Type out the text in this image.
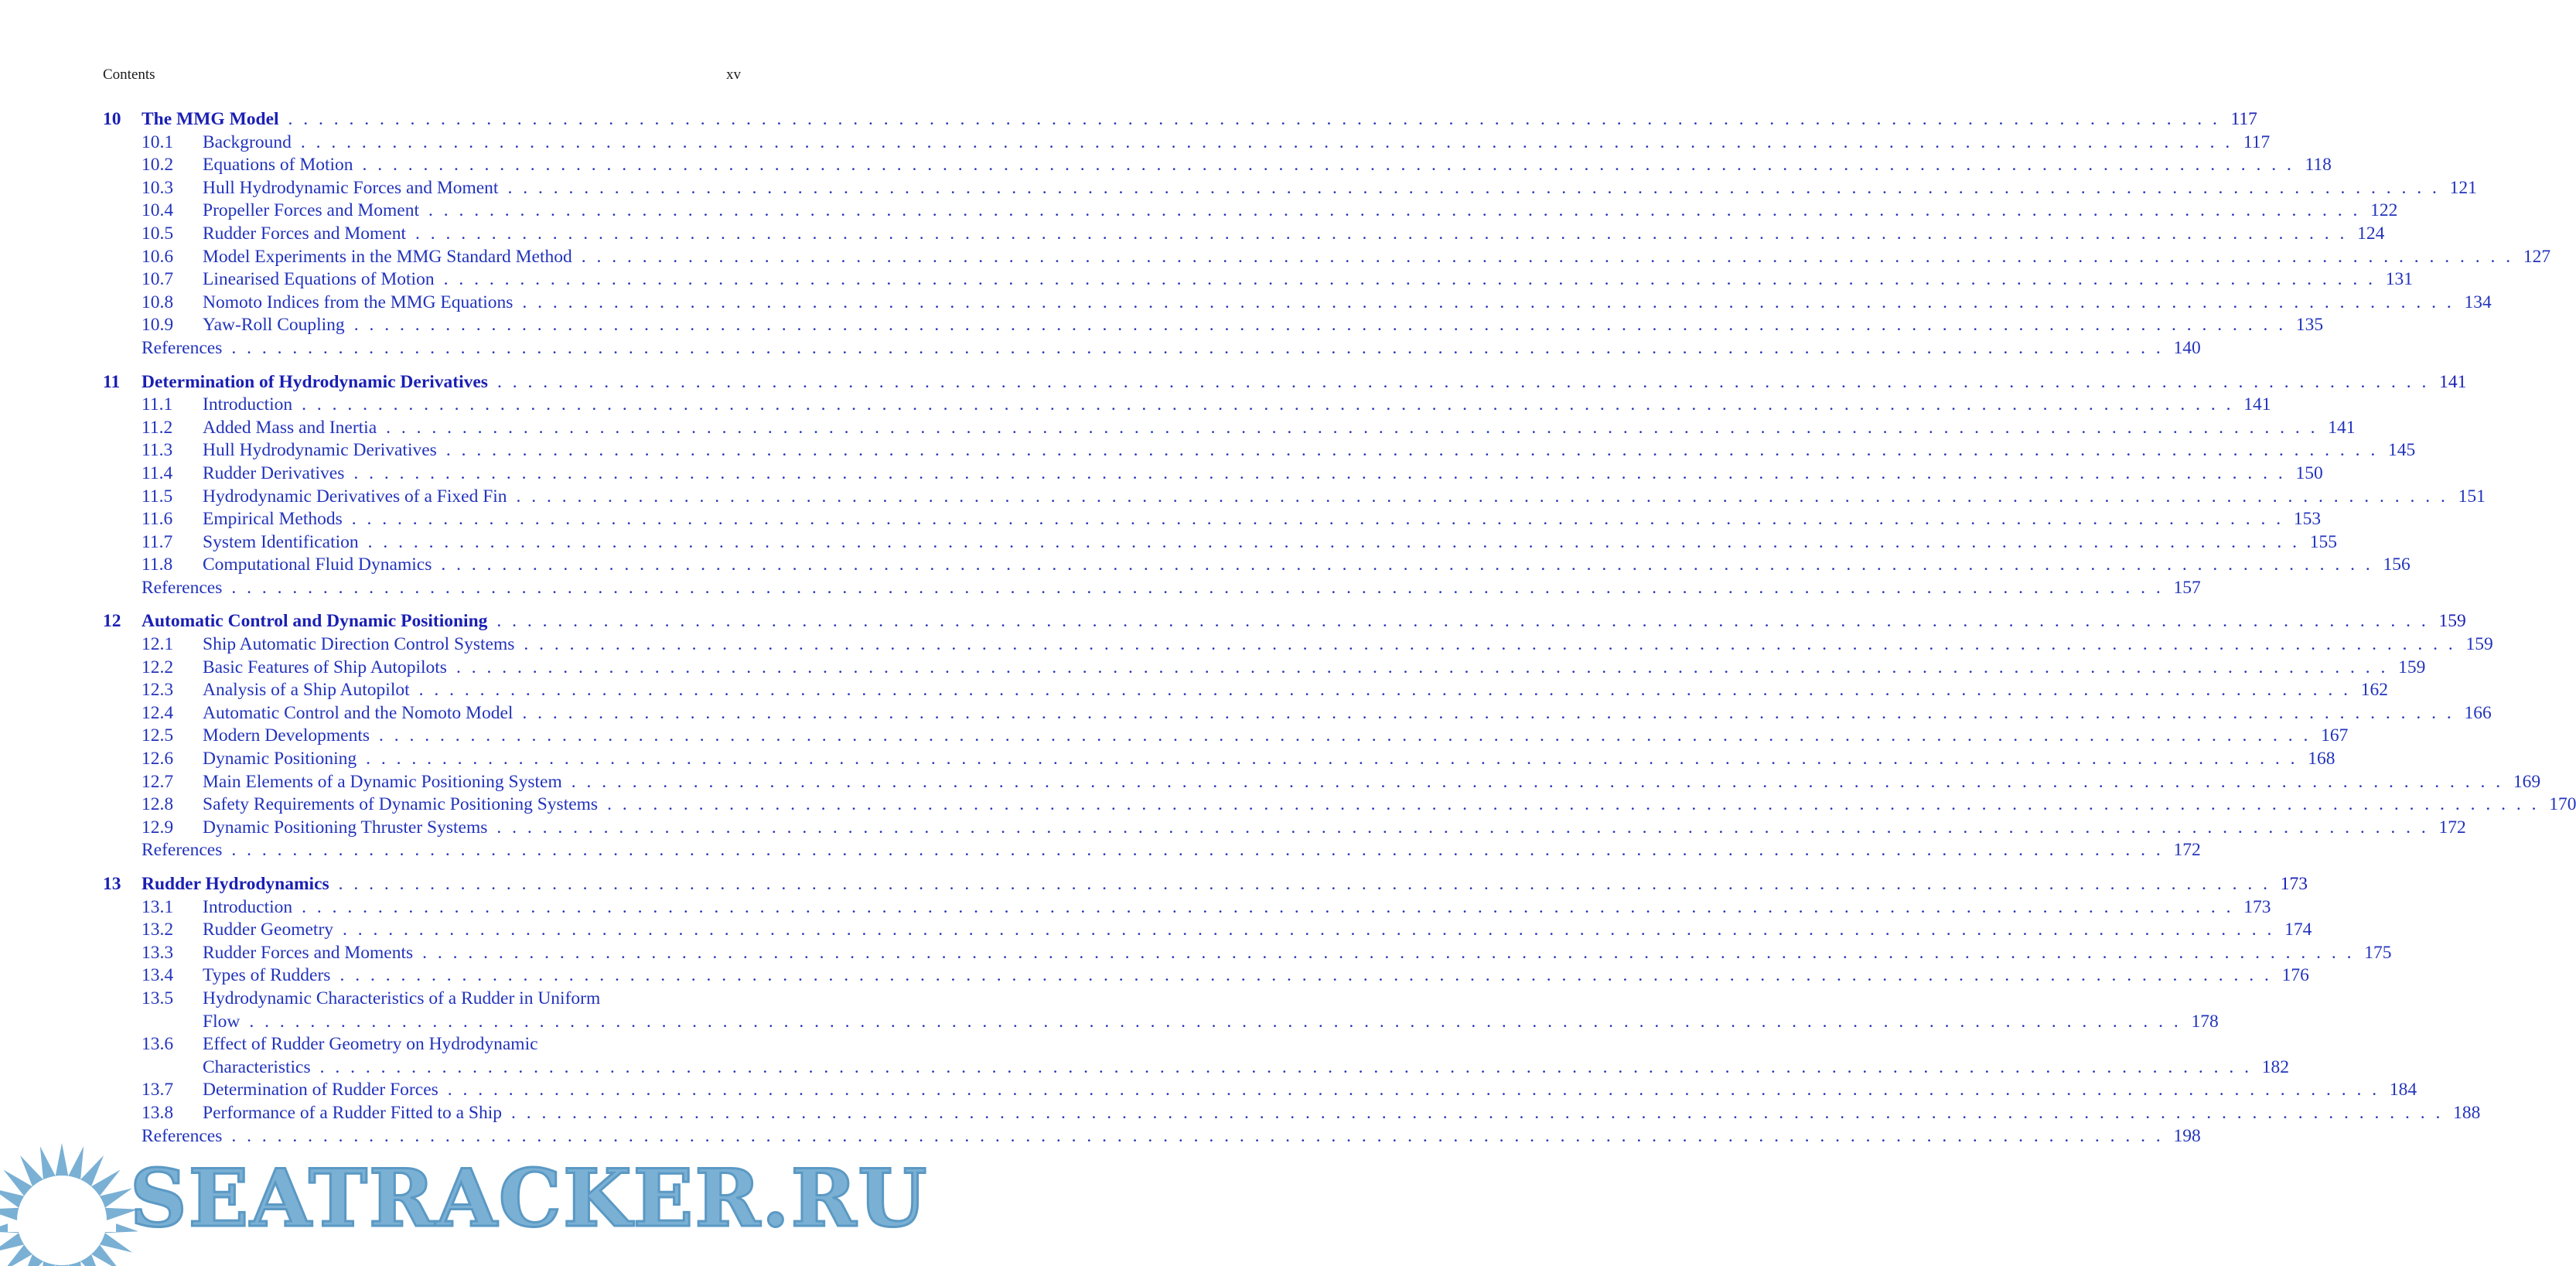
Contents	xv
10	The MMG Model . . .	117
10.1	Background . . .	117
10.2	Equations of Motion . . .	118
10.3	Hull Hydrodynamic Forces and Moment . . .	121
10.4	Propeller Forces and Moment . . .	122
10.5	Rudder Forces and Moment . . .	124
10.6	Model Experiments in the MMG Standard Method . . .	127
10.7	Linearised Equations of Motion . . .	131
10.8	Nomoto Indices from the MMG Equations . . .	134
10.9	Yaw-Roll Coupling . . .	135
References . . .	140
11	Determination of Hydrodynamic Derivatives . . .	141
11.1	Introduction . . .	141
11.2	Added Mass and Inertia . . .	141
11.3	Hull Hydrodynamic Derivatives . . .	145
11.4	Rudder Derivatives . . .	150
11.5	Hydrodynamic Derivatives of a Fixed Fin . . .	151
11.6	Empirical Methods . . .	153
11.7	System Identification . . .	155
11.8	Computational Fluid Dynamics . . .	156
References . . .	157
12	Automatic Control and Dynamic Positioning . . .	159
12.1	Ship Automatic Direction Control Systems . . .	159
12.2	Basic Features of Ship Autopilots . . .	159
12.3	Analysis of a Ship Autopilot . . .	162
12.4	Automatic Control and the Nomoto Model . . .	166
12.5	Modern Developments . . .	167
12.6	Dynamic Positioning . . .	168
12.7	Main Elements of a Dynamic Positioning System . . .	169
12.8	Safety Requirements of Dynamic Positioning Systems . . .	170
12.9	Dynamic Positioning Thruster Systems . . .	172
References . . .	172
13	Rudder Hydrodynamics . . .	173
13.1	Introduction . . .	173
13.2	Rudder Geometry . . .	174
13.3	Rudder Forces and Moments . . .	175
13.4	Types of Rudders . . .	176
13.5	Hydrodynamic Characteristics of a Rudder in Uniform
Flow . . .	178
13.6	Effect of Rudder Geometry on Hydrodynamic
Characteristics . . .	182
13.7	Determination of Rudder Forces . . .	184
13.8	Performance of a Rudder Fitted to a Ship . . .	188
References . . .	198
SEATRACKER.RU
